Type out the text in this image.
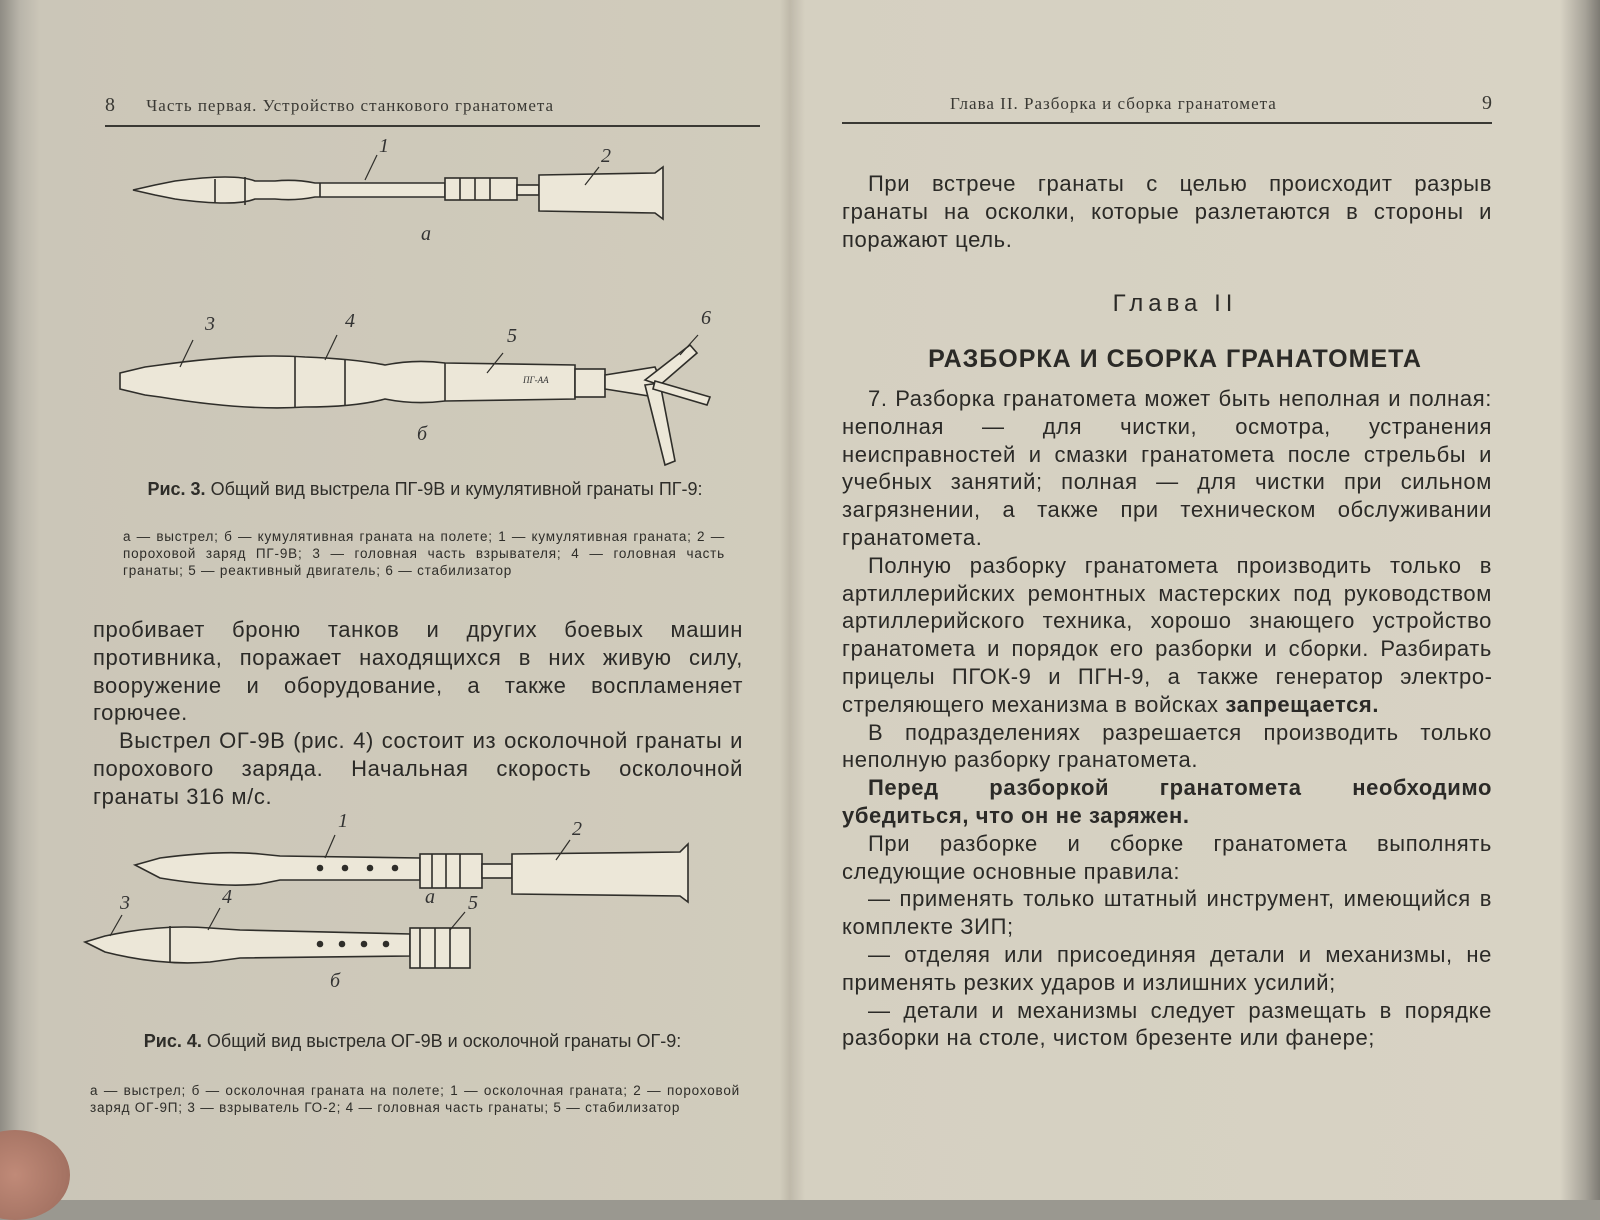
8 Часть первая. Устройство станкового гранатомета
1	2
а
3	4
5
6
б
ПГ-АА
Рис. 3. Общий вид выстрела ПГ-9В и кумулятивной гранаты ПГ-9:
а — выстрел; б — кумулятивная граната на полете; 1 — кумулятивная граната; 2 — пороховой заряд ПГ-9В; 3 — головная часть взрывателя; 4 — головная часть гранаты; 5 — реактивный двигатель; 6 — стабилизатор

пробивает броню танков и других боевых машин противника, поражает находящихся в них живую силу, вооружение и оборудование, а также воспламеняет горючее.

Выстрел ОГ-9В (рис. 4) состоит из осколочной гранаты и порохового заряда. Начальная скорость осколочной гранаты 316 м/с.

1	2
а
3	4	5
б
Рис. 4. Общий вид выстрела ОГ-9В и осколочной гранаты ОГ-9:
а — выстрел; б — осколочная граната на полете; 1 — осколочная граната; 2 — пороховой заряд ОГ-9П; 3 — взрыватель ГО-2; 4 — головная часть гранаты; 5 — стабилизатор
Глава II. Разборка и сборка гранатомета	9

При встрече гранаты с целью происходит разрыв гранаты на осколки, которые разлетаются в стороны и поражают цель.

Глава II
РАЗБОРКА И СБОРКА ГРАНАТОМЕТА

7. Разборка гранатомета может быть неполная и полная: неполная — для чистки, осмотра, устранения неисправностей и смазки гранатомета после стрельбы и учебных занятий; полная — для чистки при сильном загрязнении, а также при техническом обслуживании гранатомета.

Полную разборку гранатомета производить только в артиллерийских ремонтных мастерских под руководством артиллерийского техника, хорошо знающего устройство гранатомета и порядок его разборки и сборки. Разбирать прицелы ПГОК-9 и ПГН-9, а также генератор электростреляющего механизма в войсках запрещается.

В подразделениях разрешается производить только неполную разборку гранатомета.

Перед разборкой гранатомета необходимо убедиться, что он не заряжен.

При разборке и сборке гранатомета выполнять следующие основные правила:

— применять только штатный инструмент, имеющийся в комплекте ЗИП;

— отделяя или присоединяя детали и механизмы, не применять резких ударов и излишних усилий;

— детали и механизмы следует размещать в порядке разборки на столе, чистом брезенте или фанере;
